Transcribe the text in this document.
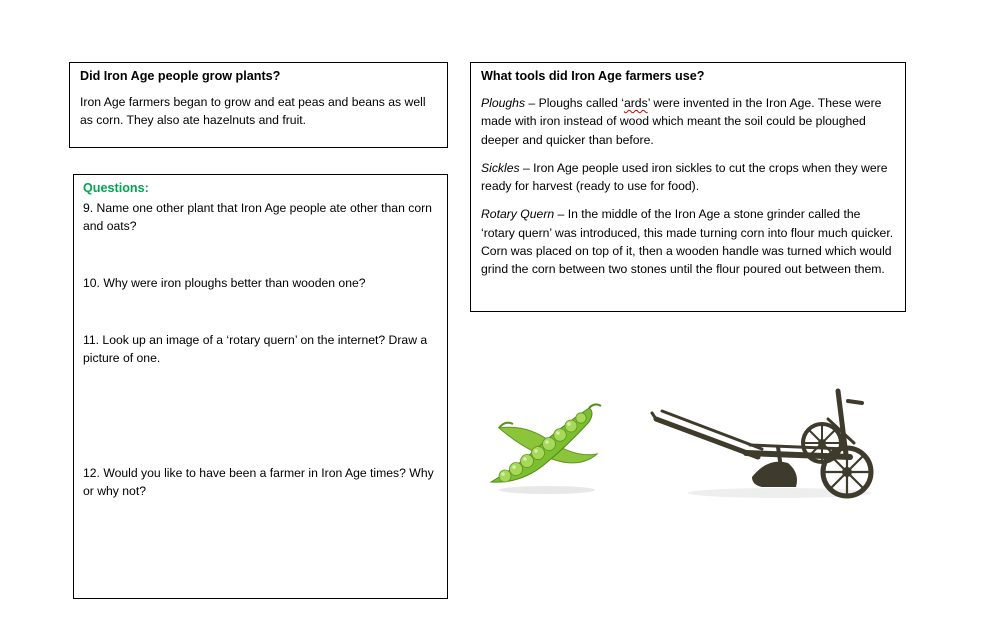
Did Iron Age people grow plants?

Iron Age farmers began to grow and eat peas and beans as well as corn. They also ate hazelnuts and fruit.

What tools did Iron Age farmers use?

Ploughs – Ploughs called ‘ards’ were invented in the Iron Age. These were made with iron instead of wood which meant the soil could be ploughed deeper and quicker than before.

Sickles – Iron Age people used iron sickles to cut the crops when they were ready for harvest (ready to use for food).

Rotary Quern – In the middle of the Iron Age a stone grinder called the ‘rotary quern’ was introduced, this made turning corn into flour much quicker. Corn was placed on top of it, then a wooden handle was turned which would grind the corn between two stones until the flour poured out between them.

Questions:
9. Name one other plant that Iron Age people ate other than corn and oats?
10. Why were iron ploughs better than wooden one?
11. Look up an image of a ‘rotary quern’ on the internet? Draw a picture of one.
12. Would you like to have been a farmer in Iron Age times? Why or why not?
